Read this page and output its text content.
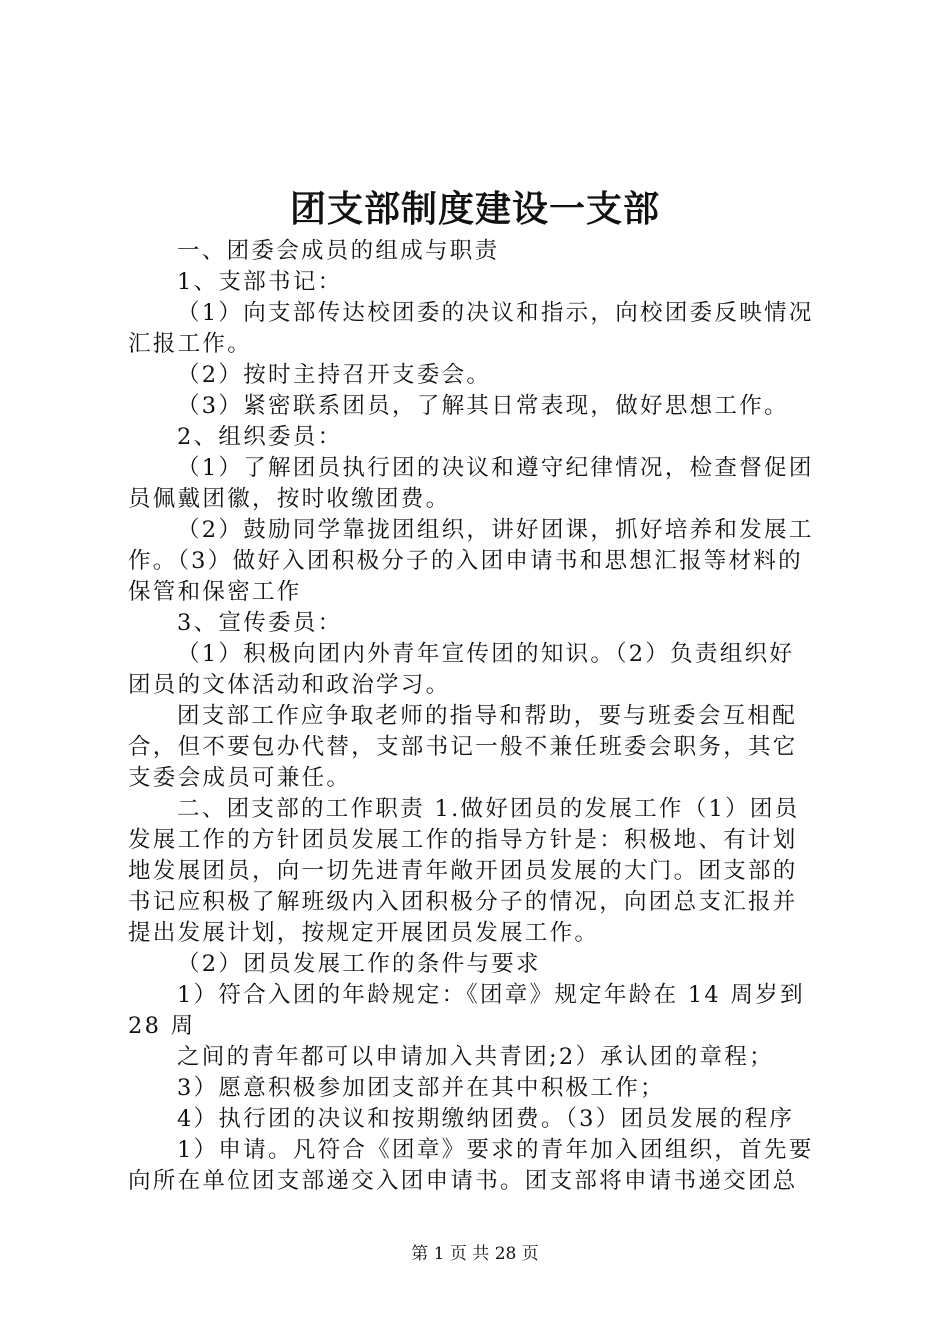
团支部制度建设一支部
一、团委会成员的组成与职责
1、支部书记：
（1）向支部传达校团委的决议和指示，向校团委反映情况
汇报工作。
（2）按时主持召开支委会。
（3）紧密联系团员，了解其日常表现，做好思想工作。
2、组织委员：
（1）了解团员执行团的决议和遵守纪律情况，检查督促团
员佩戴团徽，按时收缴团费。
（2）鼓励同学靠拢团组织，讲好团课，抓好培养和发展工
作。（3）做好入团积极分子的入团申请书和思想汇报等材料的
保管和保密工作
3、宣传委员：
（1）积极向团内外青年宣传团的知识。（2）负责组织好
团员的文体活动和政治学习。
团支部工作应争取老师的指导和帮助，要与班委会互相配
合，但不要包办代替，支部书记一般不兼任班委会职务，其它
支委会成员可兼任。
二、团支部的工作职责 1.做好团员的发展工作（1）团员
发展工作的方针团员发展工作的指导方针是：积极地、有计划
地发展团员，向一切先进青年敞开团员发展的大门。团支部的
书记应积极了解班级内入团积极分子的情况，向团总支汇报并
提出发展计划，按规定开展团员发展工作。
（2）团员发展工作的条件与要求
1）符合入团的年龄规定：《团章》规定年龄在 14 周岁到
28 周
之间的青年都可以申请加入共青团;2）承认团的章程；
3）愿意积极参加团支部并在其中积极工作；
4）执行团的决议和按期缴纳团费。（3）团员发展的程序
1）申请。凡符合《团章》要求的青年加入团组织，首先要
向所在单位团支部递交入团申请书。团支部将申请书递交团总
第 1 页 共 28 页
